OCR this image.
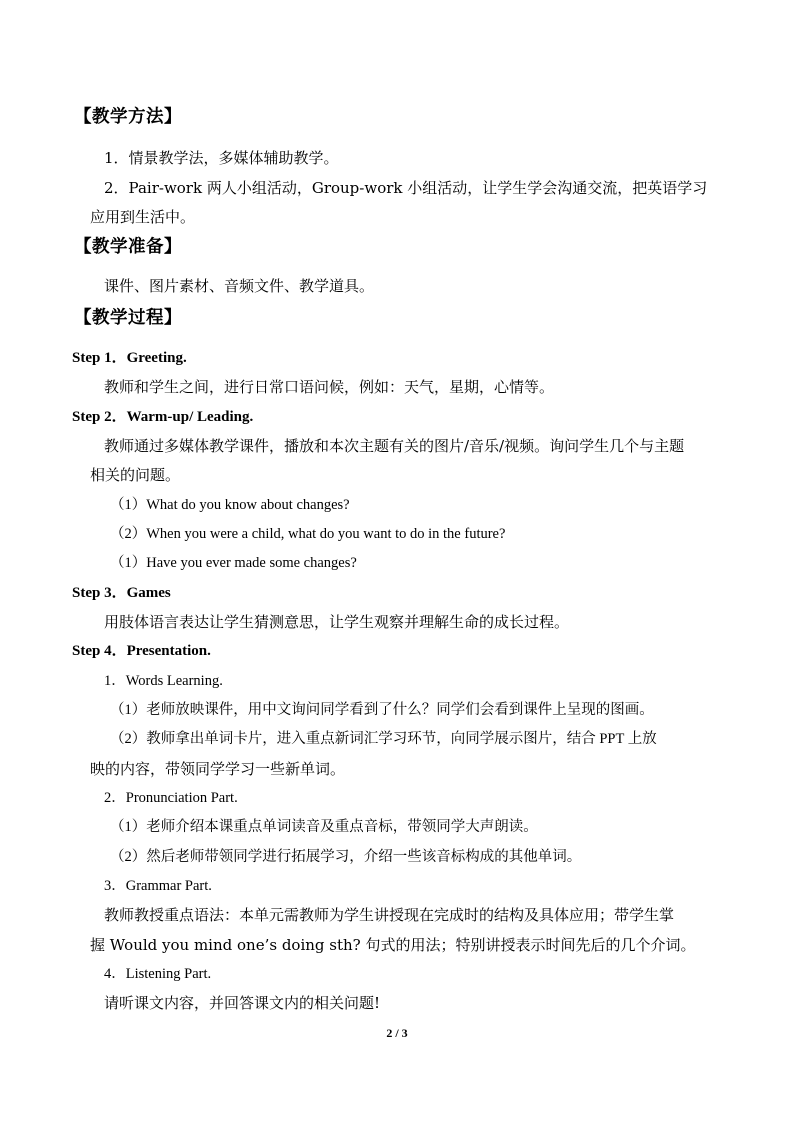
【教学方法】
1．情景教学法，多媒体辅助教学。
2．Pair-work 两人小组活动，Group-work 小组活动，让学生学会沟通交流，把英语学习
应用到生活中。
【教学准备】
课件、图片素材、音频文件、教学道具。
【教学过程】
Step 1．Greeting.
教师和学生之间，进行日常口语问候，例如：天气，星期，心情等。
Step 2．Warm-up/ Leading.
教师通过多媒体教学课件，播放和本次主题有关的图片/音乐/视频。询问学生几个与主题
相关的问题。
（1）What do you know about changes?
（2）When you were a child, what do you want to do in the future?
（1）Have you ever made some changes?
Step 3．Games
用肢体语言表达让学生猜测意思，让学生观察并理解生命的成长过程。
Step 4．Presentation.
1．Words Learning.
（1）老师放映课件，用中文询问同学看到了什么？同学们会看到课件上呈现的图画。
（2）教师拿出单词卡片，进入重点新词汇学习环节，向同学展示图片，结合 PPT 上放
映的内容，带领同学学习一些新单词。
2．Pronunciation Part.
（1）老师介绍本课重点单词读音及重点音标，带领同学大声朗读。
（2）然后老师带领同学进行拓展学习，介绍一些该音标构成的其他单词。
3．Grammar Part.
教师教授重点语法：本单元需教师为学生讲授现在完成时的结构及具体应用；带学生掌
握 Would you mind one’s doing sth? 句式的用法；特别讲授表示时间先后的几个介词。
4．Listening Part.
请听课文内容，并回答课文内的相关问题!
2 / 3
